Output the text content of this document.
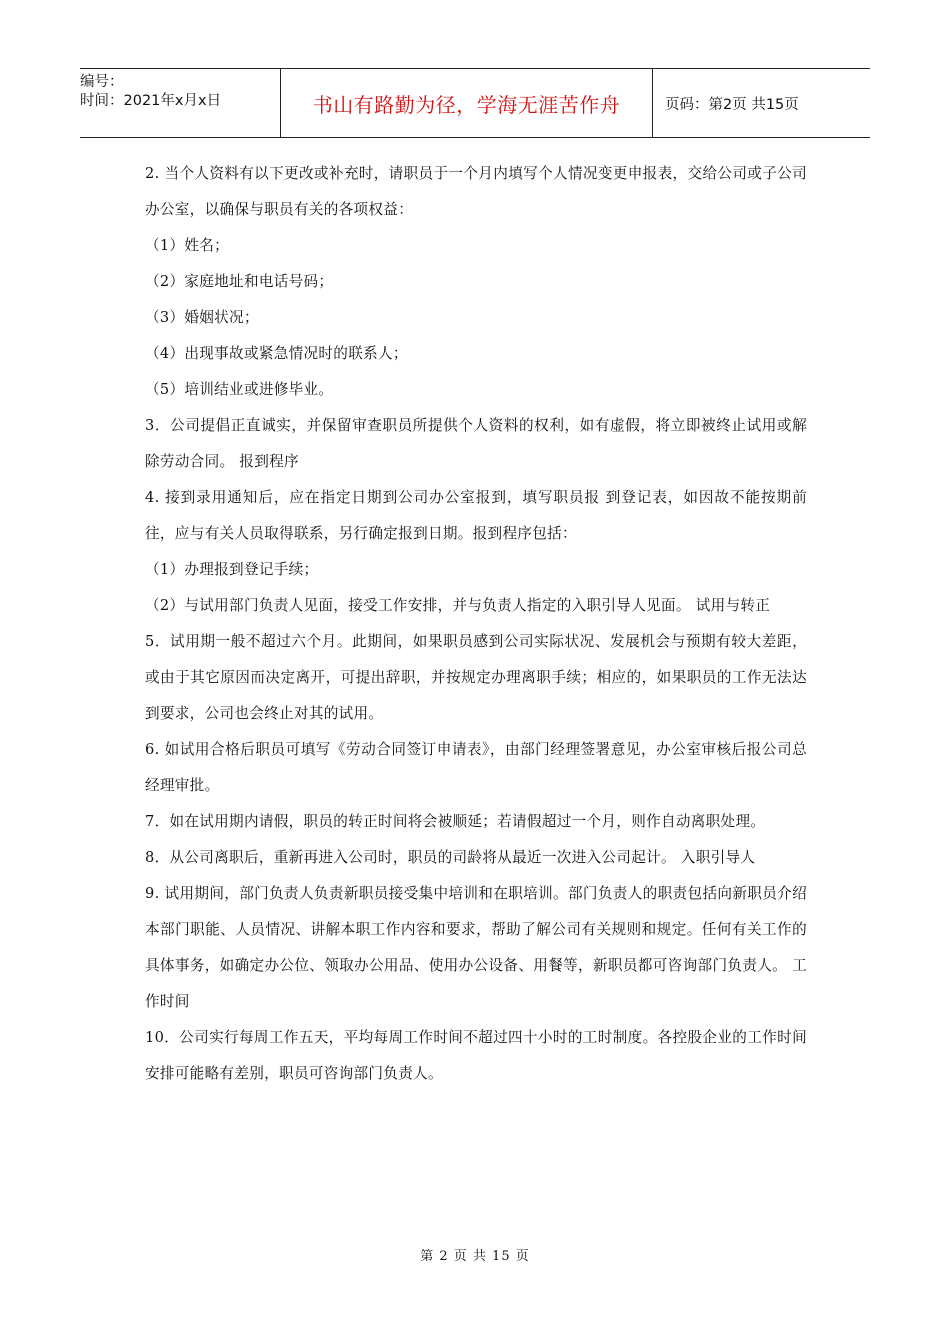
编号：
时间：2021年x月x日	书山有路勤为径，学海无涯苦作舟	页码：第2页 共15页

2. 当个人资料有以下更改或补充时，请职员于一个月内填写个人情况变更申报表，交给公司或子公司办公室，以确保与职员有关的各项权益：

（1）姓名；

（2）家庭地址和电话号码；

（3）婚姻状况；

（4）出现事故或紧急情况时的联系人；

（5）培训结业或进修毕业。

3．公司提倡正直诚实，并保留审查职员所提供个人资料的权利，如有虚假，将立即被终止试用或解除劳动合同。 报到程序

4. 接到录用通知后，应在指定日期到公司办公室报到，填写职员报 到登记表，如因故不能按期前往，应与有关人员取得联系，另行确定报到日期。报到程序包括：

（1）办理报到登记手续；

（2）与试用部门负责人见面，接受工作安排，并与负责人指定的入职引导人见面。 试用与转正

5．试用期一般不超过六个月。此期间，如果职员感到公司实际状况、发展机会与预期有较大差距，或由于其它原因而决定离开，可提出辞职，并按规定办理离职手续；相应的，如果职员的工作无法达到要求，公司也会终止对其的试用。

6. 如试用合格后职员可填写《劳动合同签订申请表》，由部门经理签署意见，办公室审核后报公司总经理审批。

7．如在试用期内请假，职员的转正时间将会被顺延；若请假超过一个月，则作自动离职处理。

8．从公司离职后，重新再进入公司时，职员的司龄将从最近一次进入公司起计。 入职引导人

9. 试用期间，部门负责人负责新职员接受集中培训和在职培训。部门负责人的职责包括向新职员介绍本部门职能、人员情况、讲解本职工作内容和要求，帮助了解公司有关规则和规定。任何有关工作的具体事务，如确定办公位、领取办公用品、使用办公设备、用餐等，新职员都可咨询部门负责人。 工作时间

10．公司实行每周工作五天，平均每周工作时间不超过四十小时的工时制度。各控股企业的工作时间安排可能略有差别，职员可咨询部门负责人。

第 2 页 共 15 页
